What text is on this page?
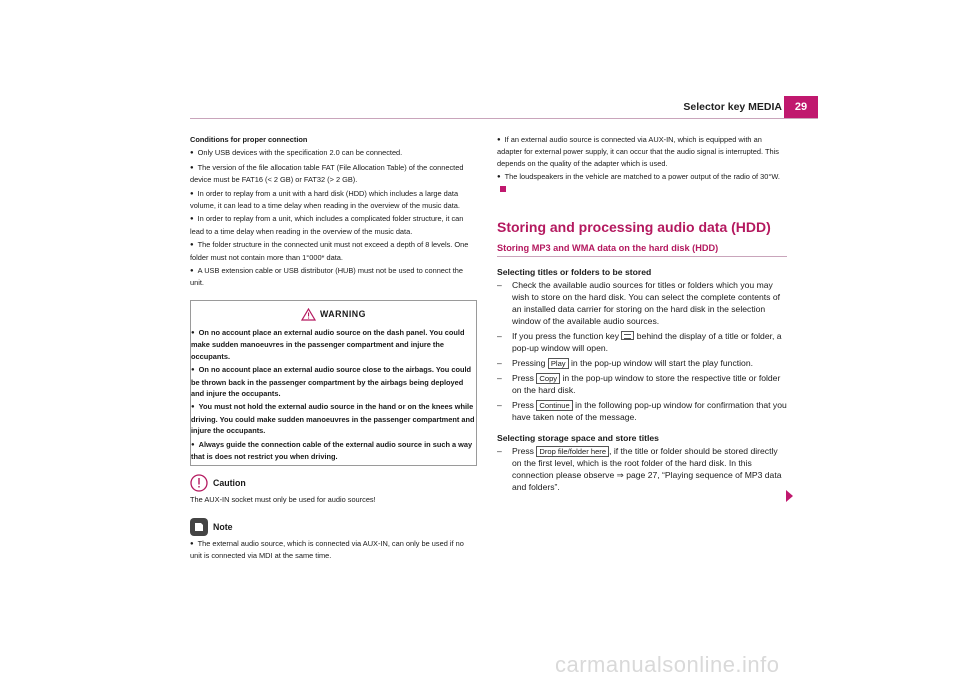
Selector key MEDIA	29
Conditions for proper connection
● Only USB devices with the specification 2.0 can be connected.
● The version of the file allocation table FAT (File Allocation Table) of the connected device must be FAT16 (< 2 GB) or FAT32 (> 2 GB).
● In order to replay from a unit with a hard disk (HDD) which includes a large data volume, it can lead to a time delay when reading in the overview of the music data.
● In order to replay from a unit, which includes a complicated folder structure, it can lead to a time delay when reading in the overview of the music data.
● The folder structure in the connected unit must not exceed a depth of 8 levels. One folder must not contain more than 1°000* data.
● A USB extension cable or USB distributor (HUB) must not be used to connect the unit.
WARNING
● On no account place an external audio source on the dash panel. You could make sudden manoeuvres in the passenger compartment and injure the occupants.
● On no account place an external audio source close to the airbags. You could be thrown back in the passenger compartment by the airbags being deployed and injure the occupants.
● You must not hold the external audio source in the hand or on the knees while driving. You could make sudden manoeuvres in the passenger compartment and injure the occupants.
● Always guide the connection cable of the external audio source in such a way that is does not restrict you when driving.
Caution
The AUX-IN socket must only be used for audio sources!
Note
● The external audio source, which is connected via AUX-IN, can only be used if no unit is connected via MDI at the same time.
● If an external audio source is connected via AUX-IN, which is equipped with an adapter for external power supply, it can occur that the audio signal is interrupted. This depends on the quality of the adapter which is used.
● The loudspeakers in the vehicle are matched to a power output of the radio of 30°W.
Storing and processing audio data (HDD)
Storing MP3 and WMA data on the hard disk (HDD)
Selecting titles or folders to be stored
–	Check the available audio sources for titles or folders which you may wish to store on the hard disk. You can select the complete contents of an installed data carrier for storing on the hard disk in the selection window of the available audio sources.
–	If you press the function key behind the display of a title or folder, a pop-up window will open.
–	Pressing Play in the pop-up window will start the play function.
–	Press Copy in the pop-up window to store the respective title or folder on the hard disk.
–	Press Continue in the following pop-up window for confirmation that you have taken note of the message.
Selecting storage space and store titles
–	Press Drop file/folder here , if the title or folder should be stored directly on the first level, which is the root folder of the hard disk. In this connection please observe ⇒ page 27, “Playing sequence of MP3 data and folders”.
carmanualsonline.info
